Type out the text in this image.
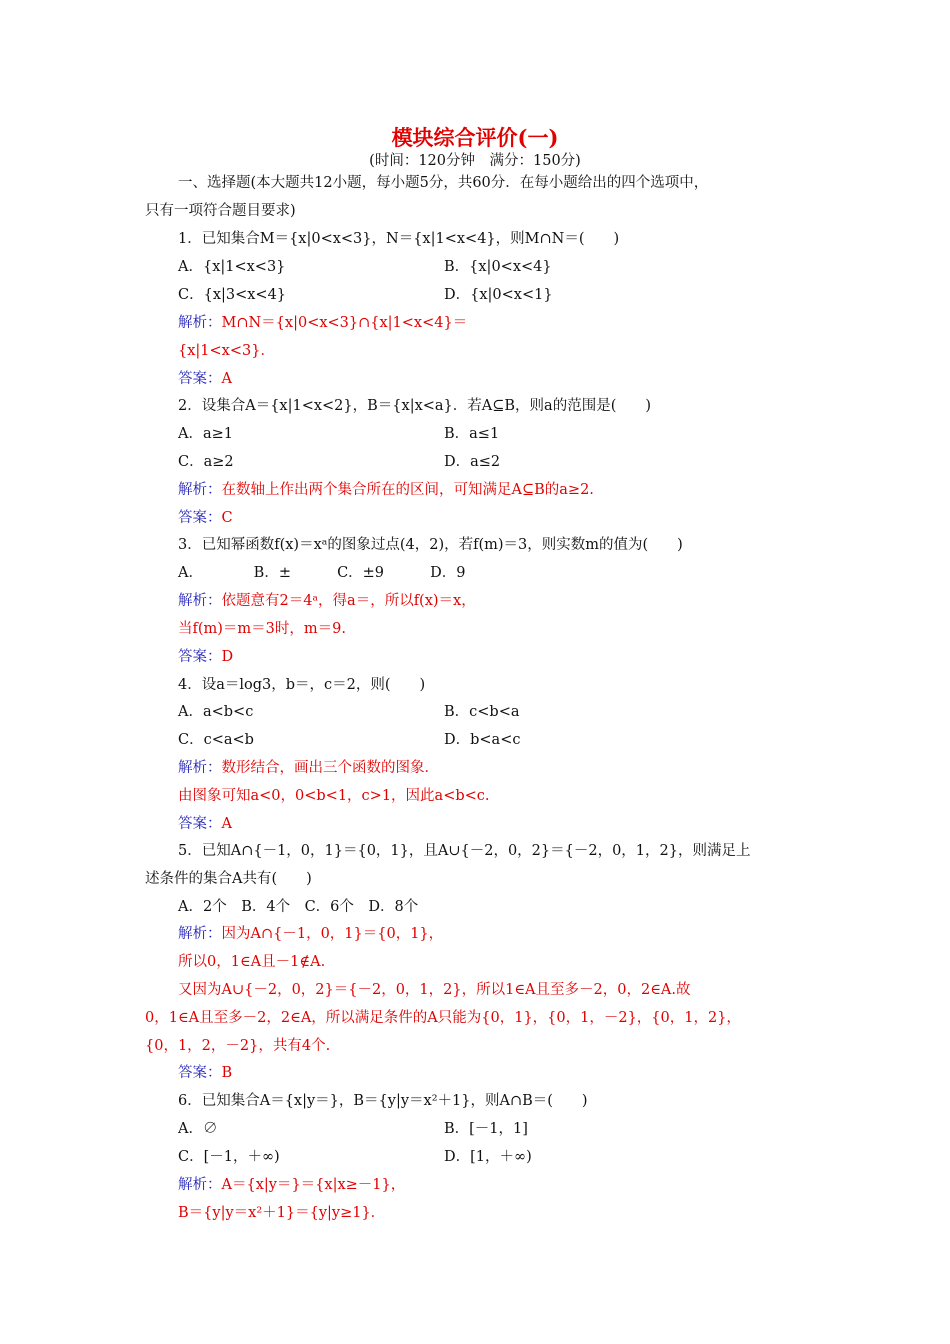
模块综合评价(一)
(时间：120分钟　满分：150分)
一、选择题(本大题共12小题，每小题5分，共60分．在每小题给出的四个选项中，
只有一项符合题目要求)
1．已知集合M＝{x|0<x<3}，N＝{x|1<x<4}，则M∩N＝(　　)
A．{x|1<x<3}	B．{x|0<x<4}
C．{x|3<x<4}	D．{x|0<x<1}
解析：M∩N＝{x|0<x<3}∩{x|1<x<4}＝
{x|1<x<3}．
答案：A
2．设集合A＝{x|1<x<2}，B＝{x|x<a}．若A⊆B，则a的范围是(　　)
A．a≥1	B．a≤1
C．a≥2	D．a≤2
解析：在数轴上作出两个集合所在的区间，可知满足A⊆B的a≥2.
答案：C
3．已知幂函数f(x)＝xᵃ的图象过点(4，2)，若f(m)＝3，则实数m的值为(　　)
A．           B．±          C．±9          D．9
解析：依题意有2＝4ᵃ，得a＝，所以f(x)＝x，
当f(m)＝m＝3时，m＝9.
答案：D
4．设a＝log3，b＝，c＝2，则(　　)
A．a<b<c	B．c<b<a
C．c<a<b	D．b<a<c
解析：数形结合，画出三个函数的图象．
由图象可知a<0，0<b<1，c>1，因此a<b<c.
答案：A
5．已知A∩{－1，0，1}＝{0，1}，且A∪{－2，0，2}＝{－2，0，1，2}，则满足上
述条件的集合A共有(　　)
A．2个　B．4个　C．6个　D．8个
解析：因为A∩{－1，0，1}＝{0，1}，
所以0，1∈A且－1∉A.
又因为A∪{－2，0，2}＝{－2，0，1，2}，所以1∈A且至多－2，0，2∈A.故
0，1∈A且至多－2，2∈A，所以满足条件的A只能为{0，1}，{0，1，－2}，{0，1，2}，
{0，1，2，－2}，共有4个.
答案：B
6．已知集合A＝{x|y＝}，B＝{y|y＝x²＋1}，则A∩B＝(　　)
A．∅	B．[－1，1]
C．[－1，＋∞)	D．[1，＋∞)
解析：A＝{x|y＝}＝{x|x≥－1}，
B＝{y|y＝x²＋1}＝{y|y≥1}．
